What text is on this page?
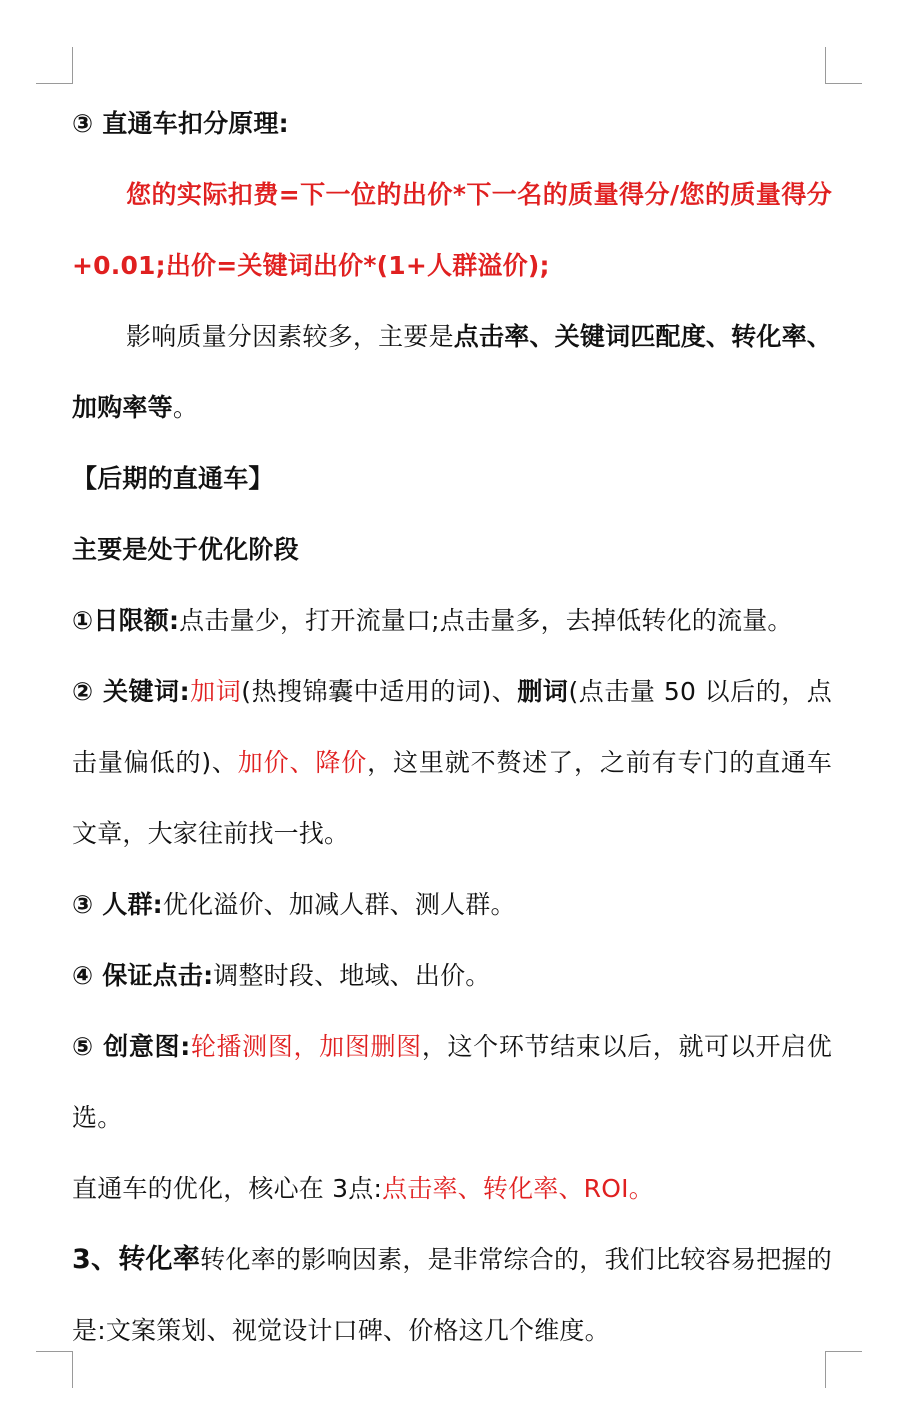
③ 直通车扣分原理:

您的实际扣费=下一位的出价*下一名的质量得分/您的质量得分+0.01;出价=关键词出价*(1+人群溢价);

影响质量分因素较多，主要是点击率、关键词匹配度、转化率、加购率等。

【后期的直通车】

主要是处于优化阶段

①日限额:点击量少，打开流量口;点击量多，去掉低转化的流量。

② 关键词:加词(热搜锦囊中适用的词)、删词(点击量 50 以后的，点击量偏低的)、加价、降价，这里就不赘述了，之前有专门的直通车文章，大家往前找一找。

③ 人群:优化溢价、加减人群、测人群。

④ 保证点击:调整时段、地域、出价。

⑤ 创意图:轮播测图，加图删图，这个环节结束以后，就可以开启优选。

直通车的优化，核心在 3点:点击率、转化率、ROI。

3、转化率转化率的影响因素，是非常综合的，我们比较容易把握的是:文案策划、视觉设计口碑、价格这几个维度。
